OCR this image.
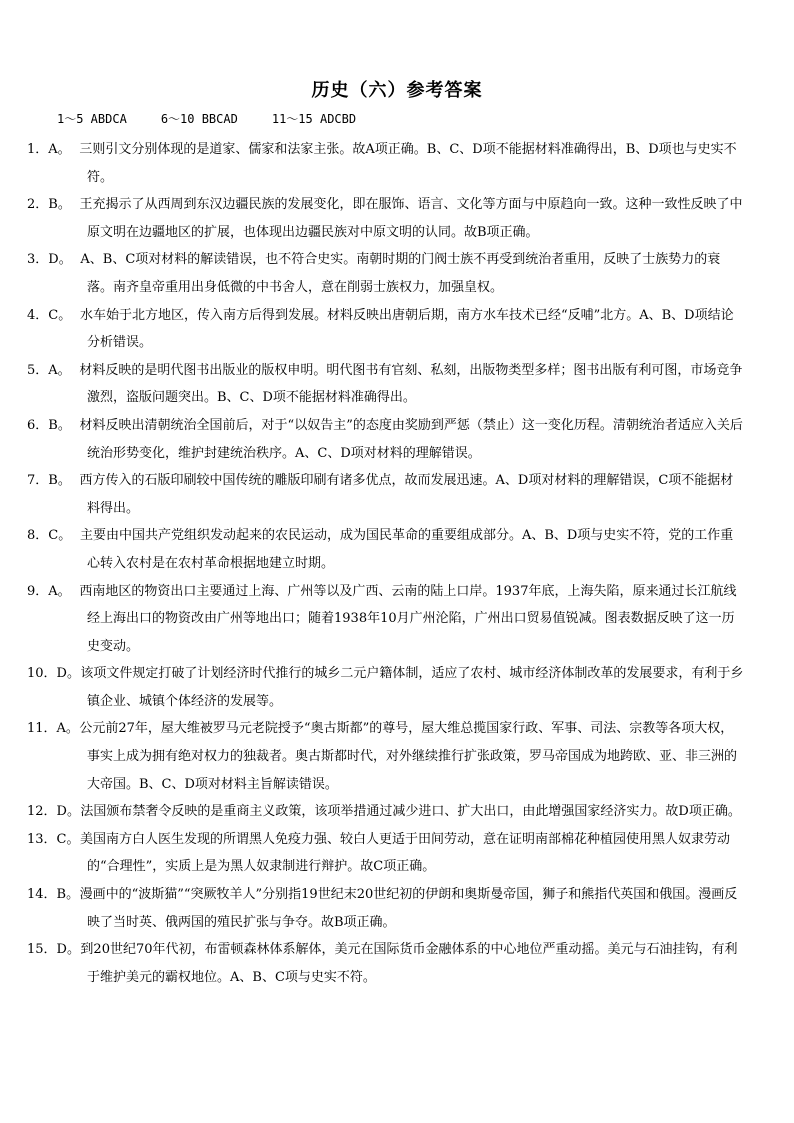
历史（六）参考答案
1～5 ABDCA	6～10 BBCAD	11～15 ADCBD
1．A。 三则引文分别体现的是道家、儒家和法家主张。故A项正确。B、C、D项不能据材料准确得出，B、D项也与史实不符。
2．B。 王充揭示了从西周到东汉边疆民族的发展变化，即在服饰、语言、文化等方面与中原趋向一致。这种一致性反映了中原文明在边疆地区的扩展，也体现出边疆民族对中原文明的认同。故B项正确。
3．D。 A、B、C项对材料的解读错误，也不符合史实。南朝时期的门阀士族不再受到统治者重用，反映了士族势力的衰落。南齐皇帝重用出身低微的中书舍人，意在削弱士族权力，加强皇权。
4．C。 水车始于北方地区，传入南方后得到发展。材料反映出唐朝后期，南方水车技术已经“反哺”北方。A、B、D项结论分析错误。
5．A。 材料反映的是明代图书出版业的版权申明。明代图书有官刻、私刻，出版物类型多样；图书出版有利可图，市场竞争激烈，盗版问题突出。B、C、D项不能据材料准确得出。
6．B。 材料反映出清朝统治全国前后，对于“以奴告主”的态度由奖励到严惩（禁止）这一变化历程。清朝统治者适应入关后统治形势变化，维护封建统治秩序。A、C、D项对材料的理解错误。
7．B。 西方传入的石版印刷较中国传统的雕版印刷有诸多优点，故而发展迅速。A、D项对材料的理解错误，C项不能据材料得出。
8．C。 主要由中国共产党组织发动起来的农民运动，成为国民革命的重要组成部分。A、B、D项与史实不符，党的工作重心转入农村是在农村革命根据地建立时期。
9．A。 西南地区的物资出口主要通过上海、广州等以及广西、云南的陆上口岸。1937年底，上海失陷，原来通过长江航线经上海出口的物资改由广州等地出口；随着1938年10月广州沦陷，广州出口贸易值锐减。图表数据反映了这一历史变动。
10．D。该项文件规定打破了计划经济时代推行的城乡二元户籍体制，适应了农村、城市经济体制改革的发展要求，有利于乡镇企业、城镇个体经济的发展等。
11．A。公元前27年，屋大维被罗马元老院授予“奥古斯都”的尊号，屋大维总揽国家行政、军事、司法、宗教等各项大权，事实上成为拥有绝对权力的独裁者。奥古斯都时代，对外继续推行扩张政策，罗马帝国成为地跨欧、亚、非三洲的大帝国。B、C、D项对材料主旨解读错误。
12．D。法国颁布禁奢令反映的是重商主义政策，该项举措通过减少进口、扩大出口，由此增强国家经济实力。故D项正确。
13．C。美国南方白人医生发现的所谓黑人免疫力强、较白人更适于田间劳动，意在证明南部棉花种植园使用黑人奴隶劳动的“合理性”，实质上是为黑人奴隶制进行辩护。故C项正确。
14．B。漫画中的“波斯猫”“突厥牧羊人”分别指19世纪末20世纪初的伊朗和奥斯曼帝国，狮子和熊指代英国和俄国。漫画反映了当时英、俄两国的殖民扩张与争夺。故B项正确。
15．D。到20世纪70年代初，布雷顿森林体系解体，美元在国际货币金融体系的中心地位严重动摇。美元与石油挂钩，有利于维护美元的霸权地位。A、B、C项与史实不符。
